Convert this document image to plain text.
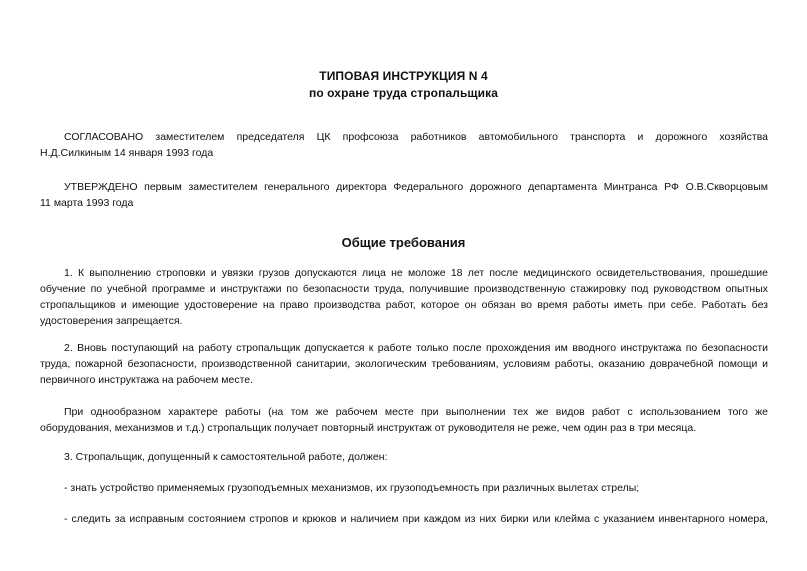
ТИПОВАЯ ИНСТРУКЦИЯ N 4
по охране труда стропальщика
СОГЛАСОВАНО заместителем председателя ЦК профсоюза работников автомобильного транспорта и дорожного хозяйства
Н.Д.Силкиным 14 января 1993 года
УТВЕРЖДЕНО первым заместителем генерального директора Федерального дорожного департамента Минтранса РФ О.В.Скворцовым
11 марта 1993 года
Общие требования
1. К выполнению строповки и увязки грузов допускаются лица не моложе 18 лет после медицинского освидетельствования, прошедшие
обучение по учебной программе и инструктажи по безопасности труда, получившие производственную стажировку под руководством опытных
стропальщиков и имеющие удостоверение на право производства работ, которое он обязан во время работы иметь при себе. Работать без
удостоверения запрещается.
2. Вновь поступающий на работу стропальщик допускается к работе только после прохождения им вводного инструктажа по безопасности
труда, пожарной безопасности, производственной санитарии, экологическим требованиям, условиям работы, оказанию доврачебной помощи и
первичного инструктажа на рабочем месте.
При однообразном характере работы (на том же рабочем месте при выполнении тех же видов работ с использованием того же
оборудования, механизмов и т.д.) стропальщик получает повторный инструктаж от руководителя не реже, чем один раз в три месяца.
3. Стропальщик, допущенный к самостоятельной работе, должен:
- знать устройство применяемых грузоподъемных механизмов, их грузоподъемность при различных вылетах стрелы;
- следить за исправным состоянием стропов и крюков и наличием при каждом из них бирки или клейма с указанием инвентарного номера,
